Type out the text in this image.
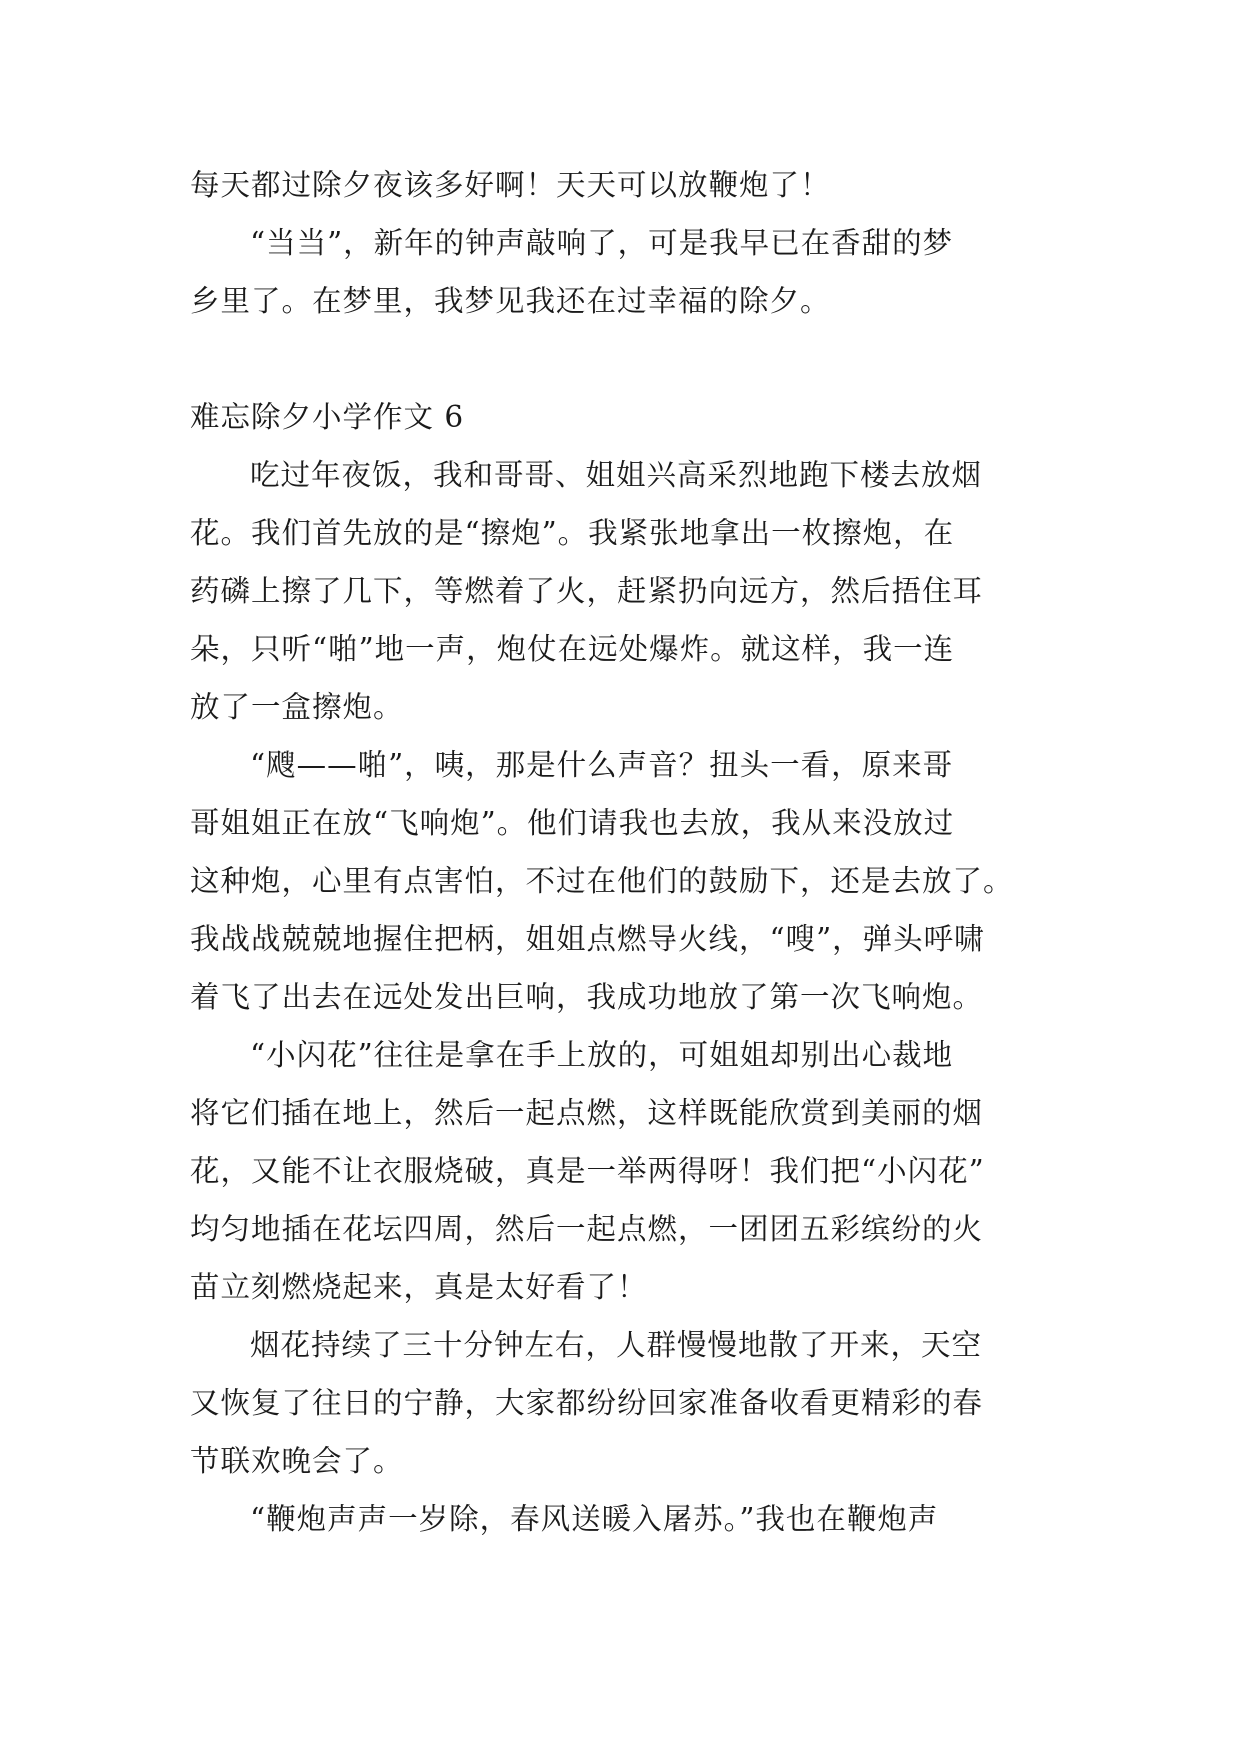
每天都过除夕夜该多好啊！天天可以放鞭炮了！
“当当”，新年的钟声敲响了，可是我早已在香甜的梦
乡里了。在梦里，我梦见我还在过幸福的除夕。
难忘除夕小学作文 6
吃过年夜饭，我和哥哥、姐姐兴高采烈地跑下楼去放烟
花。我们首先放的是“擦炮”。我紧张地拿出一枚擦炮，在
药磷上擦了几下，等燃着了火，赶紧扔向远方，然后捂住耳
朵，只听“啪”地一声，炮仗在远处爆炸。就这样，我一连
放了一盒擦炮。
“飕——啪”，咦，那是什么声音？扭头一看，原来哥
哥姐姐正在放“飞响炮”。他们请我也去放，我从来没放过
这种炮，心里有点害怕，不过在他们的鼓励下，还是去放了。
我战战兢兢地握住把柄，姐姐点燃导火线，“嗖”，弹头呼啸
着飞了出去在远处发出巨响，我成功地放了第一次飞响炮。
“小闪花”往往是拿在手上放的，可姐姐却别出心裁地
将它们插在地上，然后一起点燃，这样既能欣赏到美丽的烟
花，又能不让衣服烧破，真是一举两得呀！我们把“小闪花”
均匀地插在花坛四周，然后一起点燃，一团团五彩缤纷的火
苗立刻燃烧起来，真是太好看了！
烟花持续了三十分钟左右，人群慢慢地散了开来，天空
又恢复了往日的宁静，大家都纷纷回家准备收看更精彩的春
节联欢晚会了。
“鞭炮声声一岁除，春风送暖入屠苏。”我也在鞭炮声
